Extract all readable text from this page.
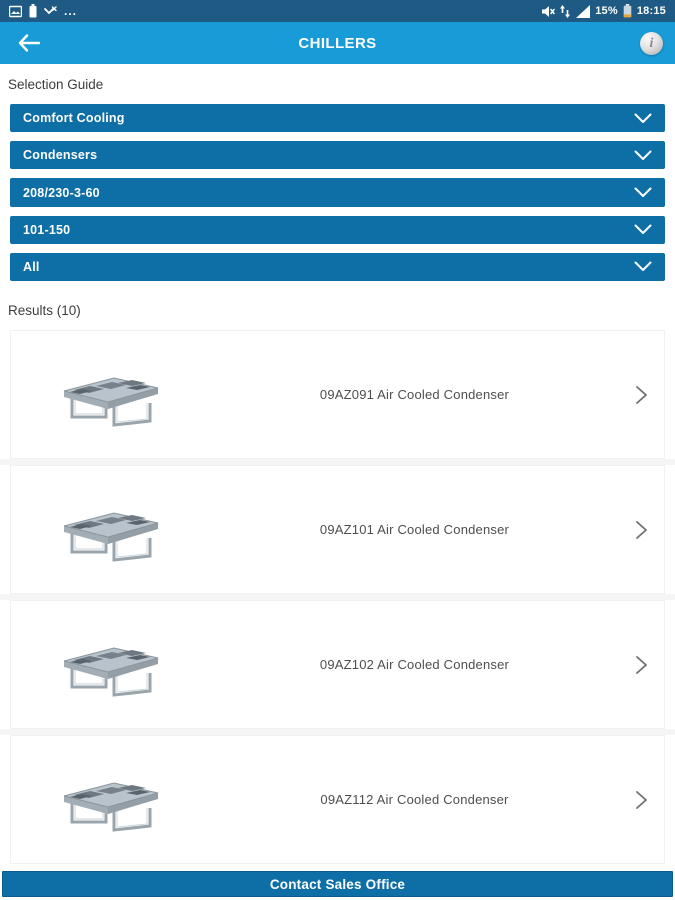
...	15% 18:15
CHILLERS	i
Selection Guide
Comfort Cooling
Condensers
208/230-3-60
101-150
All
Results (10)
09AZ091 Air Cooled Condenser
09AZ101 Air Cooled Condenser
09AZ102 Air Cooled Condenser
09AZ112 Air Cooled Condenser
Contact Sales Office
